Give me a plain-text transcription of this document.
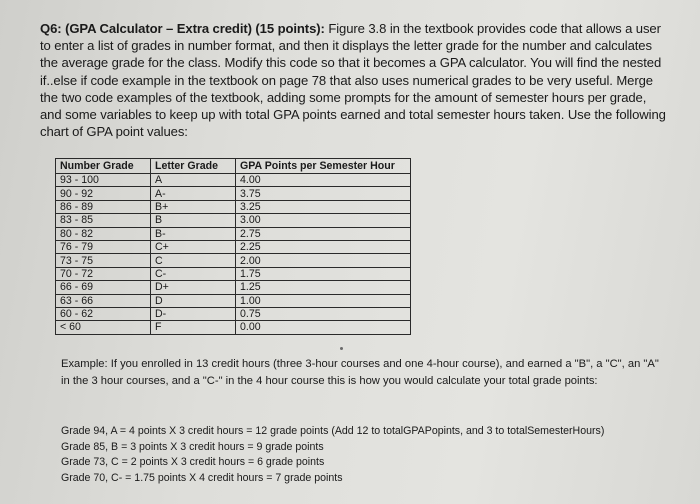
Q6: (GPA Calculator – Extra credit) (15 points): Figure 3.8 in the textbook provides code that allows a user to enter a list of grades in number format, and then it displays the letter grade for the number and calculates the average grade for the class. Modify this code so that it becomes a GPA calculator. You will find the nested if..else if code example in the textbook on page 78 that also uses numerical grades to be very useful. Merge the two code examples of the textbook, adding some prompts for the amount of semester hours per grade, and some variables to keep up with total GPA points earned and total semester hours taken. Use the following chart of GPA point values:

Number Grade	Letter Grade	GPA Points per Semester Hour
93 - 100	A	4.00
90 - 92	A-	3.75
86 - 89	B+	3.25
83 - 85	B	3.00
80 - 82	B-	2.75
76 - 79	C+	2.25
73 - 75	C	2.00
70 - 72	C-	1.75
66 - 69	D+	1.25
63 - 66	D	1.00
60 - 62	D-	0.75
< 60	F	0.00

Example: If you enrolled in 13 credit hours (three 3-hour courses and one 4-hour course), and earned a "B", a "C", an "A" in the 3 hour courses, and a "C-" in the 4 hour course this is how you would calculate your total grade points:

Grade 94, A = 4 points X 3 credit hours = 12 grade points (Add 12 to totalGPAPopints, and 3 to totalSemesterHours)
Grade 85, B = 3 points X 3 credit hours = 9 grade points
Grade 73, C = 2 points X 3 credit hours = 6 grade points
Grade 70, C- = 1.75 points X 4 credit hours = 7 grade points
